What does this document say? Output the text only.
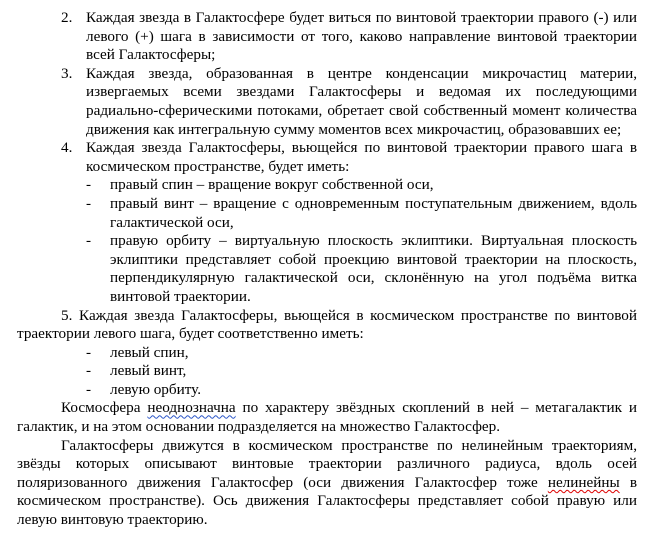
2. Каждая звезда в Галактосфере будет виться по винтовой траектории правого (-) или левого (+) шага в зависимости от того, каково направление винтовой траектории всей Галактосферы;
3. Каждая звезда, образованная в центре конденсации микрочастиц материи, извергаемых всеми звездами Галактосферы и ведомая их последующими радиально-сферическими потоками, обретает свой собственный момент количества движения как интегральную сумму моментов всех микрочастиц, образовавших ее;
4. Каждая звезда Галактосферы, вьющейся по винтовой траектории правого шага в космическом пространстве, будет иметь:
- правый спин – вращение вокруг собственной оси,
- правый винт – вращение с одновременным поступательным движением, вдоль галактической оси,
- правую орбиту – виртуальную плоскость эклиптики. Виртуальная плоскость эклиптики представляет собой проекцию винтовой траектории на плоскость, перпендикулярную галактической оси, склонённую на угол подъёма витка винтовой траектории.

5. Каждая звезда Галактосферы, вьющейся в космическом пространстве по винтовой траектории левого шага, будет соответственно иметь:

- левый спин,
- левый винт,
- левую орбиту.

Космосфера неоднозначна по характеру звёздных скоплений в ней – метагалактик и галактик, и на этом основании подразделяется на множество Галактосфер.

Галактосферы движутся в космическом пространстве по нелинейным траекториям, звёзды которых описывают винтовые траектории различного радиуса, вдоль осей поляризованного движения Галактосфер (оси движения Галактосфер тоже нелинейны в космическом пространстве). Ось движения Галактосферы представляет собой правую или левую винтовую траекторию.
